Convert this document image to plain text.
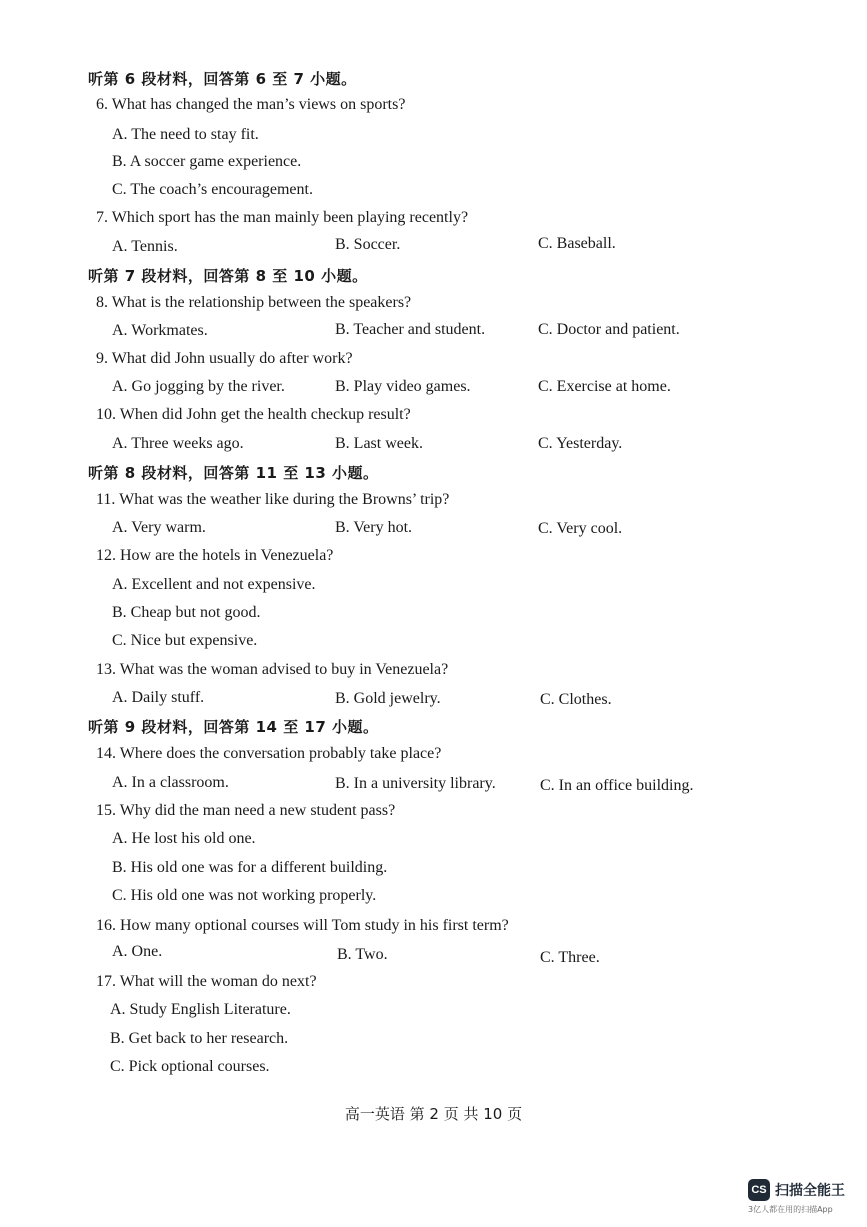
听第 6 段材料，回答第 6 至 7 小题。
6. What has changed the man’s views on sports?
A. The need to stay fit.
B. A soccer game experience.
C. The coach’s encouragement.
7. Which sport has the man mainly been playing recently?
A. Tennis.	B. Soccer.	C. Baseball.
听第 7 段材料，回答第 8 至 10 小题。
8. What is the relationship between the speakers?
A. Workmates.	B. Teacher and student.	C. Doctor and patient.
9. What did John usually do after work?
A. Go jogging by the river.	B. Play video games.	C. Exercise at home.
10. When did John get the health checkup result?
A. Three weeks ago.	B. Last week.	C. Yesterday.
听第 8 段材料，回答第 11 至 13 小题。
11. What was the weather like during the Browns’ trip?
A. Very warm.	B. Very hot.	C. Very cool.
12. How are the hotels in Venezuela?
A. Excellent and not expensive.
B. Cheap but not good.
C. Nice but expensive.
13. What was the woman advised to buy in Venezuela?
A. Daily stuff.	B. Gold jewelry.	C. Clothes.
听第 9 段材料，回答第 14 至 17 小题。
14. Where does the conversation probably take place?
A. In a classroom.	B. In a university library.	C. In an office building.
15. Why did the man need a new student pass?
A. He lost his old one.
B. His old one was for a different building.
C. His old one was not working properly.
16. How many optional courses will Tom study in his first term?
A. One.	B. Two.	C. Three.
17. What will the woman do next?
A. Study English Literature.
B. Get back to her research.
C. Pick optional courses.
高一英语 第 2 页 共 10 页
CS 扫描全能王
3亿人都在用的扫描App
